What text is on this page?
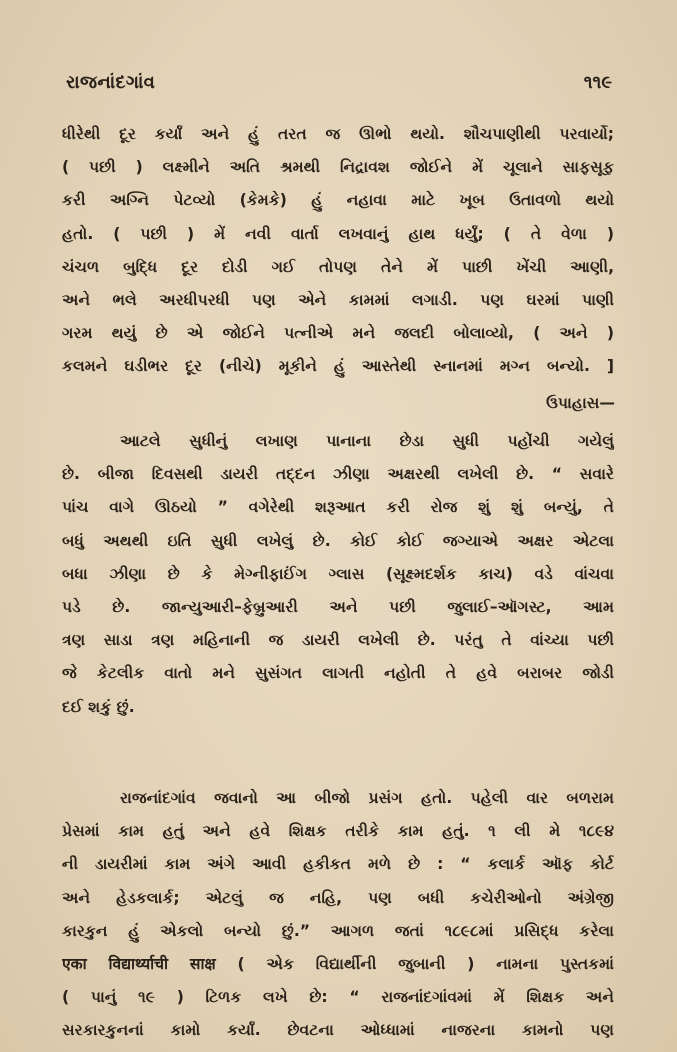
રાજનાંદગાંવ	૧૧૯
ધીરેથી દૂર કર્યાં અને હું તરત જ ઊભો થયો. શૌચપાણીથી પરવાર્યો;
( પછી ) લક્ષ્મીને અતિ શ્રમથી નિદ્રાવશ જોઈને મેં ચૂલાને સાફસૂફ
કરી અગ્નિ પેટવ્યો (કેમકે) હું નહાવા માટે ખૂબ ઉતાવળો થયો
હતો. ( પછી ) મેં નવી વાર્તા લખવાનું હાથ ધર્યું; ( તે વેળા )
ચંચળ બુદ્ધિ દૂર દોડી ગઈ તોપણ તેને મેં પાછી ખેંચી આણી,
અને ભલે અરધીપરધી પણ એને કામમાં લગાડી. પણ ઘરમાં પાણી
ગરમ થયું છે એ જોઈને પત્નીએ મને જલદી બોલાવ્યો, ( અને )
કલમને ઘડીભર દૂર (નીચે) મૂકીને હું આસ્તેથી સ્નાનમાં મગ્ન બન્યો. ]
ઉપાહાસ—
આટલે સુધીનું લખાણ પાનાના છેડા સુધી પહોંચી ગયેલું
છે. બીજા દિવસથી ડાયરી તદ્દન ઝીણા અક્ષરથી લખેલી છે. “ સવારે
પાંચ વાગે ઊઠયો ” વગેરેથી શરૂઆત કરી રોજ શું શું બન્યું, તે
બધું અથથી ઇતિ સુધી લખેલું છે. કોઈ કોઈ જગ્યાએ અક્ષર એટલા
બધા ઝીણા છે કે મેગ્નીફાઈંગ ગ્લાસ (સૂક્ષ્મદર્શક કાચ) વડે વાંચવા
પડે છે. જાન્યુઆરી–ફેબ્રુઆરી અને પછી જુલાઈ–ઑગસ્ટ, આમ
ત્રણ સાડા ત્રણ મહિનાની જ ડાયરી લખેલી છે. પરંતુ તે વાંચ્યા પછી
જે કેટલીક વાતો મને સુસંગત લાગતી નહોતી તે હવે બરાબર જોડી
દઈ શકું છું.
રાજનાંદગાંવ જવાનો આ બીજો પ્રસંગ હતો. પહેલી વાર બળરામ
પ્રેસમાં કામ હતું અને હવે શિક્ષક તરીકે કામ હતું. ૧ લી મે ૧૮૯૪
ની ડાયરીમાં કામ અંગે આવી હકીકત મળે છે : “ કલાર્ક ઑફ કોર્ટ
અને હેડકલાર્ક; એટલું જ નહિ, પણ બધી કચેરીઓનો અંગ્રેજી
કારકુન હું એકલો બન્યો છું.” આગળ જતાં ૧૮૯૮માં પ્રસિદ્ધ કરેલા
एका विद्यार्थ्याची साक्ष ( એક વિદ્યાર્થીની જુબાની ) નામના પુસ્તકમાં
( પાનું ૧૯ ) ટિળક લખે છે: “ રાજનાંદગાંવમાં મેં શિક્ષક અને
સરકારકુનનાં કામો કર્યાં. છેવટના ઓધ્ધામાં નાજરના કામનો પણ
